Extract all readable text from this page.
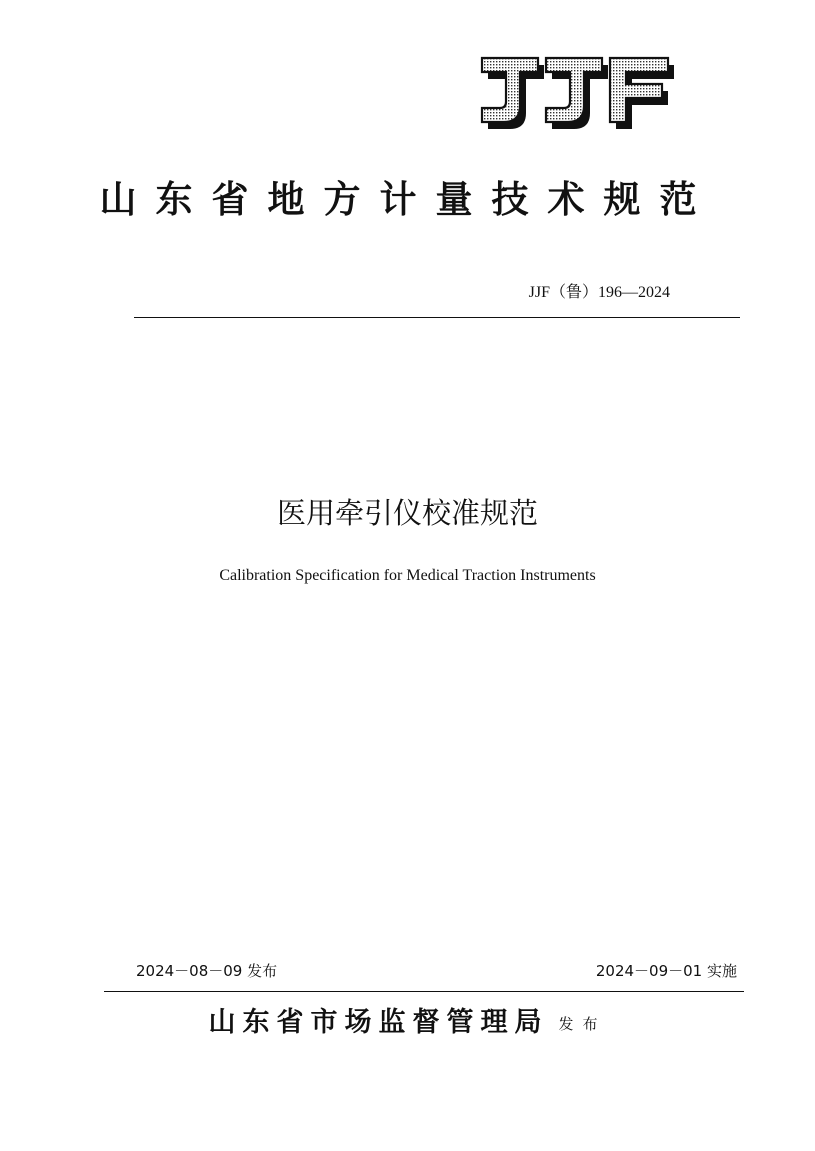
山东省地方计量技术规范
JJF（鲁）196—2024
医用牵引仪校准规范
Calibration Specification for Medical Traction Instruments
2024－08－09 发布	2024－09－01 实施
山东省市场监督管理局 发布
